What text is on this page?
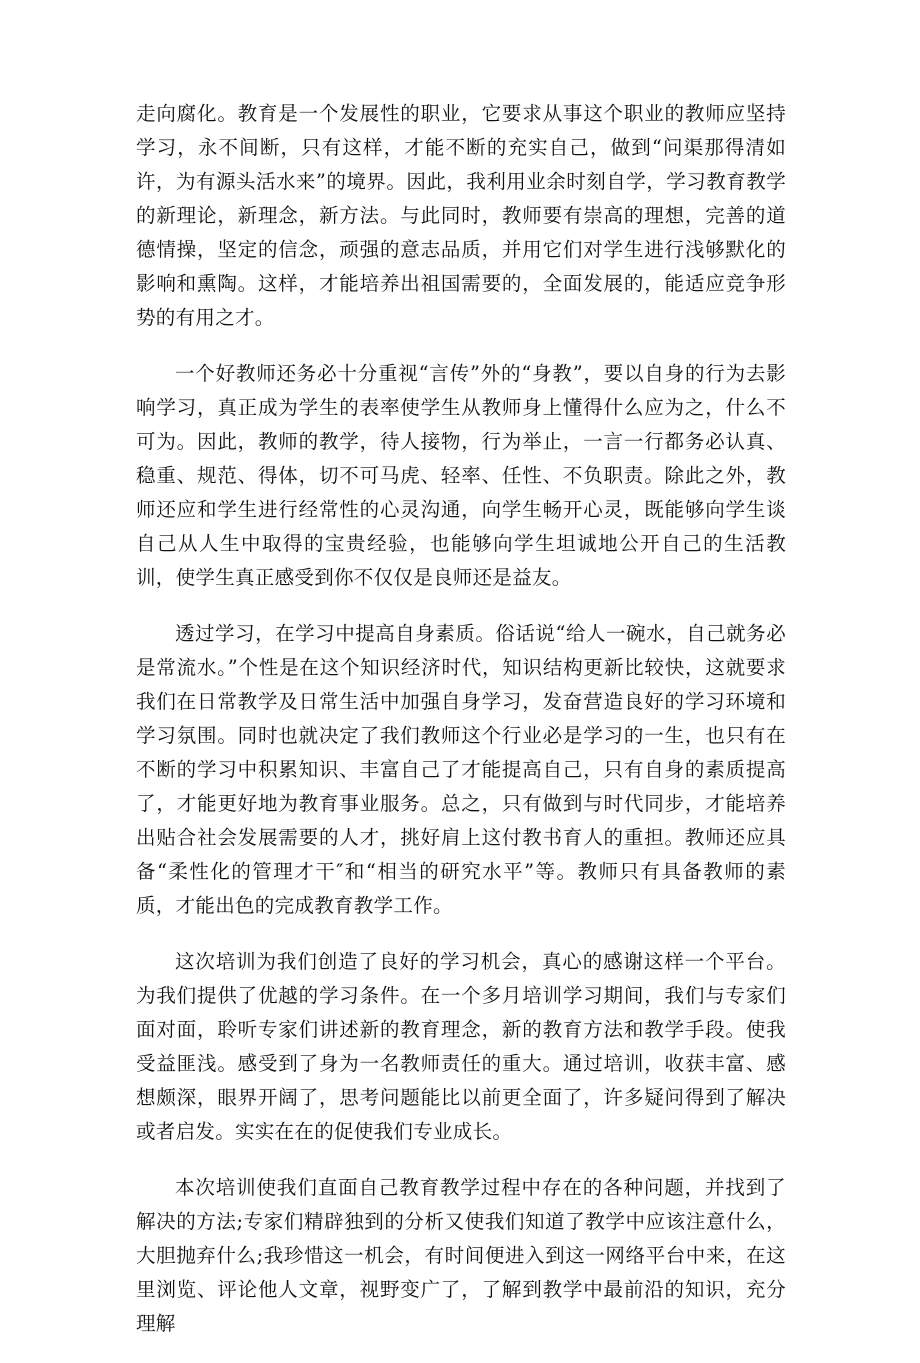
走向腐化。教育是一个发展性的职业，它要求从事这个职业的教师应坚持学习，永不间断，只有这样，才能不断的充实自己，做到“问渠那得清如许，为有源头活水来”的境界。因此，我利用业余时刻自学，学习教育教学的新理论，新理念，新方法。与此同时，教师要有崇高的理想，完善的道德情操，坚定的信念，顽强的意志品质，并用它们对学生进行浅够默化的影响和熏陶。这样，才能培养出祖国需要的，全面发展的，能适应竞争形势的有用之才。

一个好教师还务必十分重视“言传”外的“身教”，要以自身的行为去影响学习，真正成为学生的表率使学生从教师身上懂得什么应为之，什么不可为。因此，教师的教学，待人接物，行为举止，一言一行都务必认真、稳重、规范、得体，切不可马虎、轻率、任性、不负职责。除此之外，教师还应和学生进行经常性的心灵沟通，向学生畅开心灵，既能够向学生谈自己从人生中取得的宝贵经验，也能够向学生坦诚地公开自己的生活教训，使学生真正感受到你不仅仅是良师还是益友。

透过学习，在学习中提高自身素质。俗话说“给人一碗水，自己就务必是常流水。”个性是在这个知识经济时代，知识结构更新比较快，这就要求我们在日常教学及日常生活中加强自身学习，发奋营造良好的学习环境和学习氛围。同时也就决定了我们教师这个行业必是学习的一生，也只有在不断的学习中积累知识、丰富自己了才能提高自己，只有自身的素质提高了，才能更好地为教育事业服务。总之，只有做到与时代同步，才能培养出贴合社会发展需要的人才，挑好肩上这付教书育人的重担。教师还应具备“柔性化的管理才干″和“相当的研究水平”等。教师只有具备教师的素质，才能出色的完成教育教学工作。

这次培训为我们创造了良好的学习机会，真心的感谢这样一个平台。为我们提供了优越的学习条件。在一个多月培训学习期间，我们与专家们面对面，聆听专家们讲述新的教育理念，新的教育方法和教学手段。使我受益匪浅。感受到了身为一名教师责任的重大。通过培训，收获丰富、感想颇深，眼界开阔了，思考问题能比以前更全面了，许多疑问得到了解决或者启发。实实在在的促使我们专业成长。

本次培训使我们直面自己教育教学过程中存在的各种问题，并找到了解决的方法;专家们精辟独到的分析又使我们知道了教学中应该注意什么，大胆抛弃什么;我珍惜这一机会，有时间便进入到这一网络平台中来，在这里浏览、评论他人文章，视野变广了，了解到教学中最前沿的知识，充分理解
